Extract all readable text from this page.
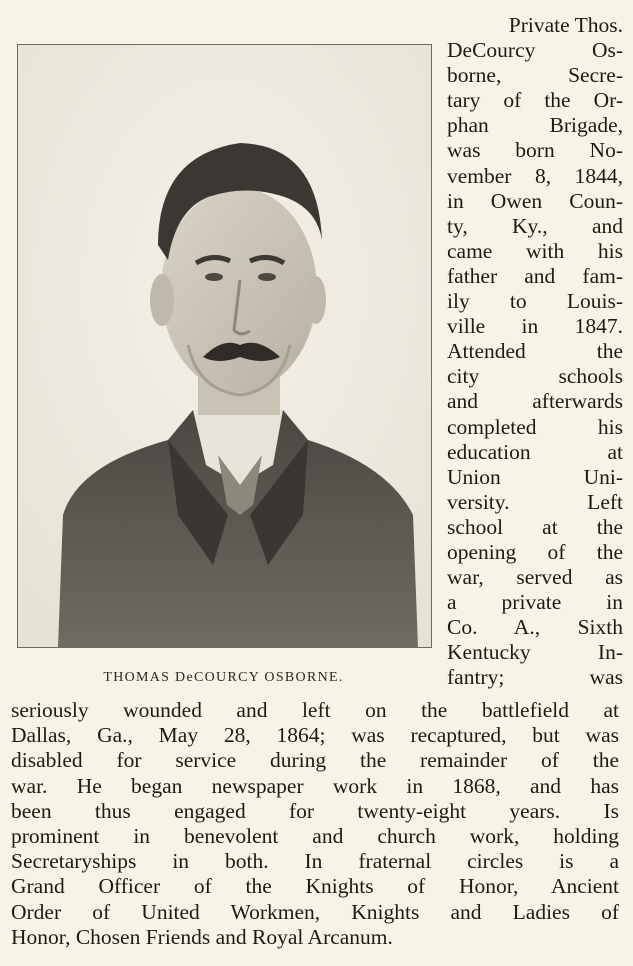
THOMAS DeCOURCY OSBORNE.
Private Thos.
DeCourcy Os-
borne, Secre-
tary of the Or-
phan Brigade,
was born No-
vember 8, 1844,
in Owen Coun-
ty, Ky., and
came with his
father and fam-
ily to Louis-
ville in 1847.
Attended the
city schools
and afterwards
completed his
education at
Union Uni-
versity. Left
school at the
opening of the
war, served as
a private in
Co. A., Sixth
Kentucky In-
fantry; was
seriously wounded and left on the battlefield at
Dallas, Ga., May 28, 1864; was recaptured, but was
disabled for service during the remainder of the
war. He began newspaper work in 1868, and has
been thus engaged for twenty-eight years. Is
prominent in benevolent and church work, holding
Secretaryships in both. In fraternal circles is a
Grand Officer of the Knights of Honor, Ancient
Order of United Workmen, Knights and Ladies of
Honor, Chosen Friends and Royal Arcanum.
